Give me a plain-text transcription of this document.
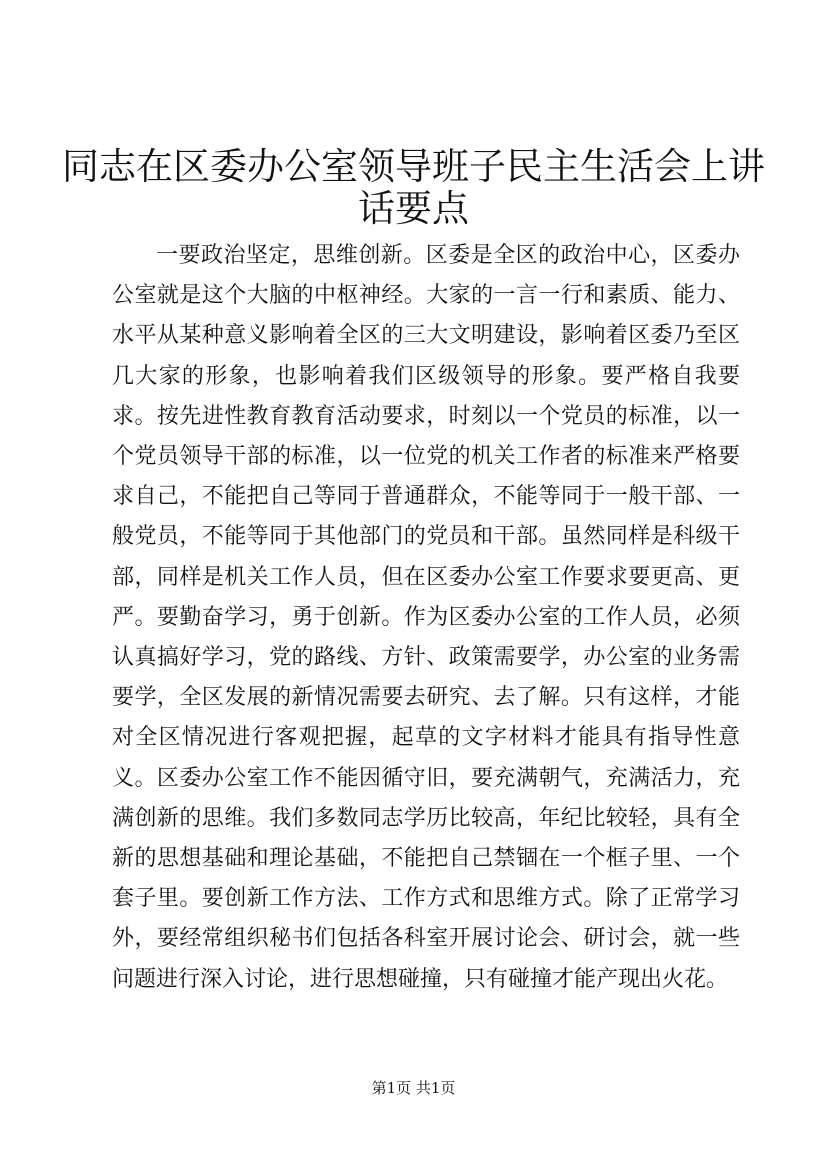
同志在区委办公室领导班子民主生活会上讲话要点

一要政治坚定，思维创新。区委是全区的政治中心，区委办公室就是这个大脑的中枢神经。大家的一言一行和素质、能力、水平从某种意义影响着全区的三大文明建设，影响着区委乃至区几大家的形象，也影响着我们区级领导的形象。要严格自我要求。按先进性教育教育活动要求，时刻以一个党员的标准，以一个党员领导干部的标准，以一位党的机关工作者的标准来严格要求自己，不能把自己等同于普通群众，不能等同于一般干部、一般党员，不能等同于其他部门的党员和干部。虽然同样是科级干部，同样是机关工作人员，但在区委办公室工作要求要更高、更严。要勤奋学习，勇于创新。作为区委办公室的工作人员，必须认真搞好学习，党的路线、方针、政策需要学，办公室的业务需要学，全区发展的新情况需要去研究、去了解。只有这样，才能对全区情况进行客观把握，起草的文字材料才能具有指导性意义。区委办公室工作不能因循守旧，要充满朝气，充满活力，充满创新的思维。我们多数同志学历比较高，年纪比较轻，具有全新的思想基础和理论基础，不能把自己禁锢在一个框子里、一个套子里。要创新工作方法、工作方式和思维方式。除了正常学习外，要经常组织秘书们包括各科室开展讨论会、研讨会，就一些问题进行深入讨论，进行思想碰撞，只有碰撞才能产现出火花。

第1页 共1页
